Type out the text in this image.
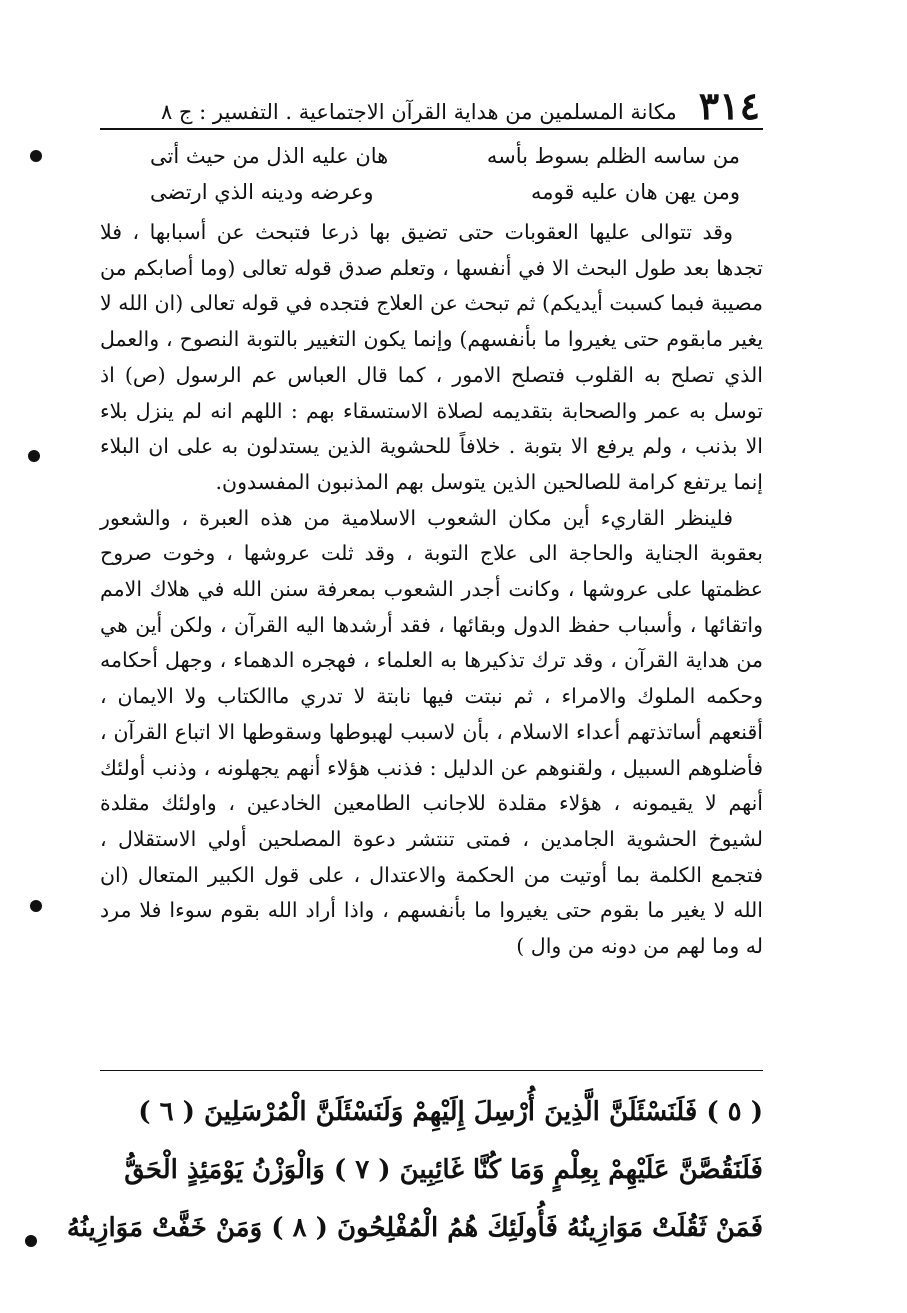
٣١٤
مكانة المسلمين من هداية القرآن الاجتماعية . التفسير : ج ٨
من ساسه الظلم بسوط بأسه
هان عليه الذل من حيث أتى
ومن يهن هان عليه قومه
وعرضه ودينه الذي ارتضى

وقد تتوالى عليها العقوبات حتى تضيق بها ذرعا فتبحث عن أسبابها ، فلا تجدها بعد طول البحث الا في أنفسها ، وتعلم صدق قوله تعالى (وما أصابكم من مصيبة فبما كسبت أيديكم) ثم تبحث عن العلاج فتجده في قوله تعالى (ان الله لا يغير مابقوم حتى يغيروا ما بأنفسهم) وإنما يكون التغيير بالتوبة النصوح ، والعمل الذي تصلح به القلوب فتصلح الامور ، كما قال العباس عم الرسول (ص) اذ توسل به عمر والصحابة بتقديمه لصلاة الاستسقاء بهم : اللهم انه لم ينزل بلاء الا بذنب ، ولم يرفع الا بتوبة . خلافاً للحشوية الذين يستدلون به على ان البلاء إنما يرتفع كرامة للصالحين الذين يتوسل بهم المذنبون المفسدون.

فلينظر القاريء أين مكان الشعوب الاسلامية من هذه العبرة ، والشعور بعقوبة الجناية والحاجة الى علاج التوبة ، وقد ثلت عروشها ، وخوت صروح عظمتها على عروشها ، وكانت أجدر الشعوب بمعرفة سنن الله في هلاك الامم واتقائها ، وأسباب حفظ الدول وبقائها ، فقد أرشدها اليه القرآن ، ولكن أين هي من هداية القرآن ، وقد ترك تذكيرها به العلماء ، فهجره الدهماء ، وجهل أحكامه وحكمه الملوك والامراء ، ثم نبتت فيها نابتة لا تدري ماالكتاب ولا الايمان ، أقنعهم أساتذتهم أعداء الاسلام ، بأن لاسبب لهبوطها وسقوطها الا اتباع القرآن ، فأضلوهم السبيل ، ولقنوهم عن الدليل : فذنب هؤلاء أنهم يجهلونه ، وذنب أولئك أنهم لا يقيمونه ، هؤلاء مقلدة للاجانب الطامعين الخادعين ، واولئك مقلدة لشيوخ الحشوية الجامدين ، فمتى تنتشر دعوة المصلحين أولي الاستقلال ، فتجمع الكلمة بما أوتيت من الحكمة والاعتدال ، على قول الكبير المتعال (ان الله لا يغير ما بقوم حتى يغيروا ما بأنفسهم ، واذا أراد الله بقوم سوءا فلا مرد له وما لهم من دونه من وال )

( ٥ ) فَلَنَسْئَلَنَّ الَّذِينَ أُرْسِلَ إِلَيْهِمْ وَلَنَسْئَلَنَّ الْمُرْسَلِينَ ( ٦ )
فَلَنَقُصَّنَّ عَلَيْهِمْ بِعِلْمٍ وَمَا كُنَّا غَائِبِينَ ( ٧ ) وَالْوَزْنُ يَوْمَئِذٍ الْحَقُّ
فَمَنْ ثَقُلَتْ مَوَازِينُهُ فَأُولَئِكَ هُمُ الْمُفْلِحُونَ ( ٨ ) وَمَنْ خَفَّتْ مَوَازِينُهُ
